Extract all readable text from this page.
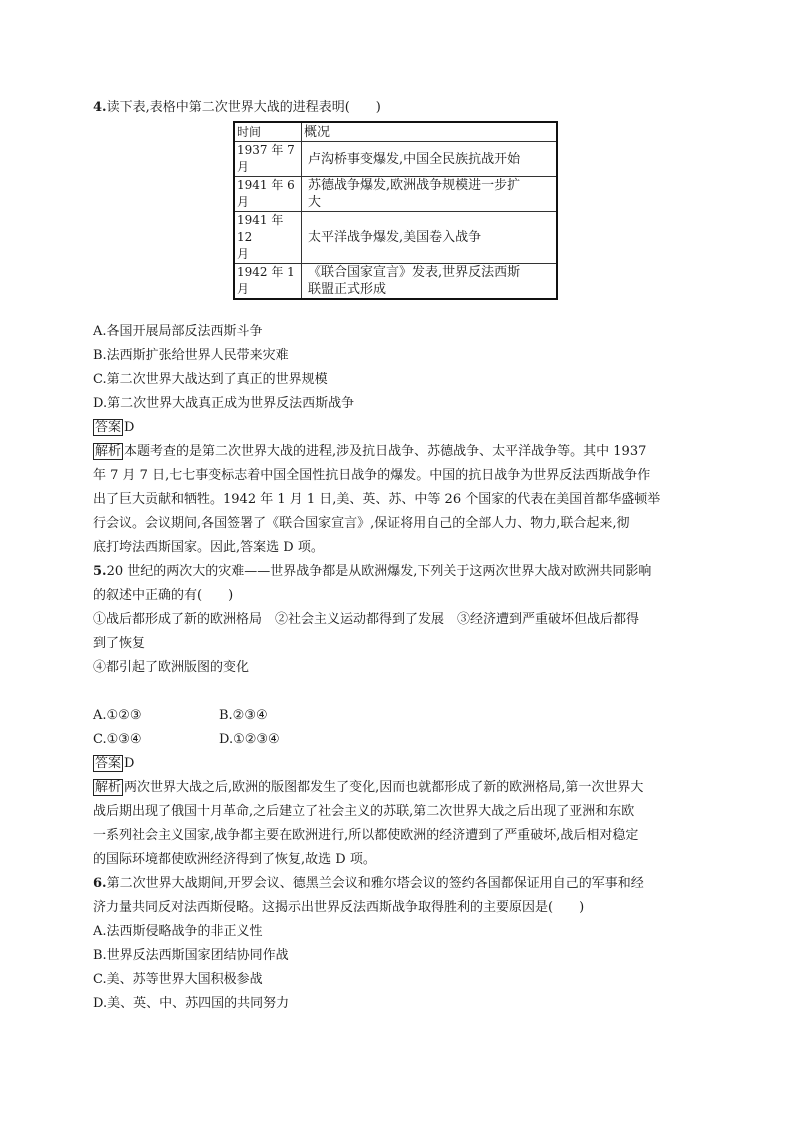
4.读下表,表格中第二次世界大战的进程表明(　　)
时间	概况
1937 年 7
月	卢沟桥事变爆发,中国全民族抗战开始
1941 年 6
月	苏德战争爆发,欧洲战争规模进一步扩
大
1941 年 12
月	太平洋战争爆发,美国卷入战争
1942 年 1
月	《联合国家宣言》发表,世界反法西斯
联盟正式形成
A.各国开展局部反法西斯斗争
B.法西斯扩张给世界人民带来灾难
C.第二次世界大战达到了真正的世界规模
D.第二次世界大战真正成为世界反法西斯战争
答案 D
解析 本题考查的是第二次世界大战的进程,涉及抗日战争、苏德战争、太平洋战争等。其中 1937
年 7 月 7 日,七七事变标志着中国全国性抗日战争的爆发。中国的抗日战争为世界反法西斯战争作
出了巨大贡献和牺牲。1942 年 1 月 1 日,美、英、苏、中等 26 个国家的代表在美国首都华盛顿举
行会议。会议期间,各国签署了《联合国家宣言》,保证将用自己的全部人力、物力,联合起来,彻
底打垮法西斯国家。因此,答案选 D 项。
5.20 世纪的两次大的灾难——世界战争都是从欧洲爆发,下列关于这两次世界大战对欧洲共同影响
的叙述中正确的有(　　)
①战后都形成了新的欧洲格局　②社会主义运动都得到了发展　③经济遭到严重破坏但战后都得
到了恢复
④都引起了欧洲版图的变化
A.①②③	B.②③④
C.①③④	D.①②③④
答案 D
解析 两次世界大战之后,欧洲的版图都发生了变化,因而也就都形成了新的欧洲格局,第一次世界大
战后期出现了俄国十月革命,之后建立了社会主义的苏联,第二次世界大战之后出现了亚洲和东欧
一系列社会主义国家,战争都主要在欧洲进行,所以都使欧洲的经济遭到了严重破坏,战后相对稳定
的国际环境都使欧洲经济得到了恢复,故选 D 项。
6.第二次世界大战期间,开罗会议、德黑兰会议和雅尔塔会议的签约各国都保证用自己的军事和经
济力量共同反对法西斯侵略。这揭示出世界反法西斯战争取得胜利的主要原因是(　　)
A.法西斯侵略战争的非正义性
B.世界反法西斯国家团结协同作战
C.美、苏等世界大国积极参战
D.美、英、中、苏四国的共同努力
